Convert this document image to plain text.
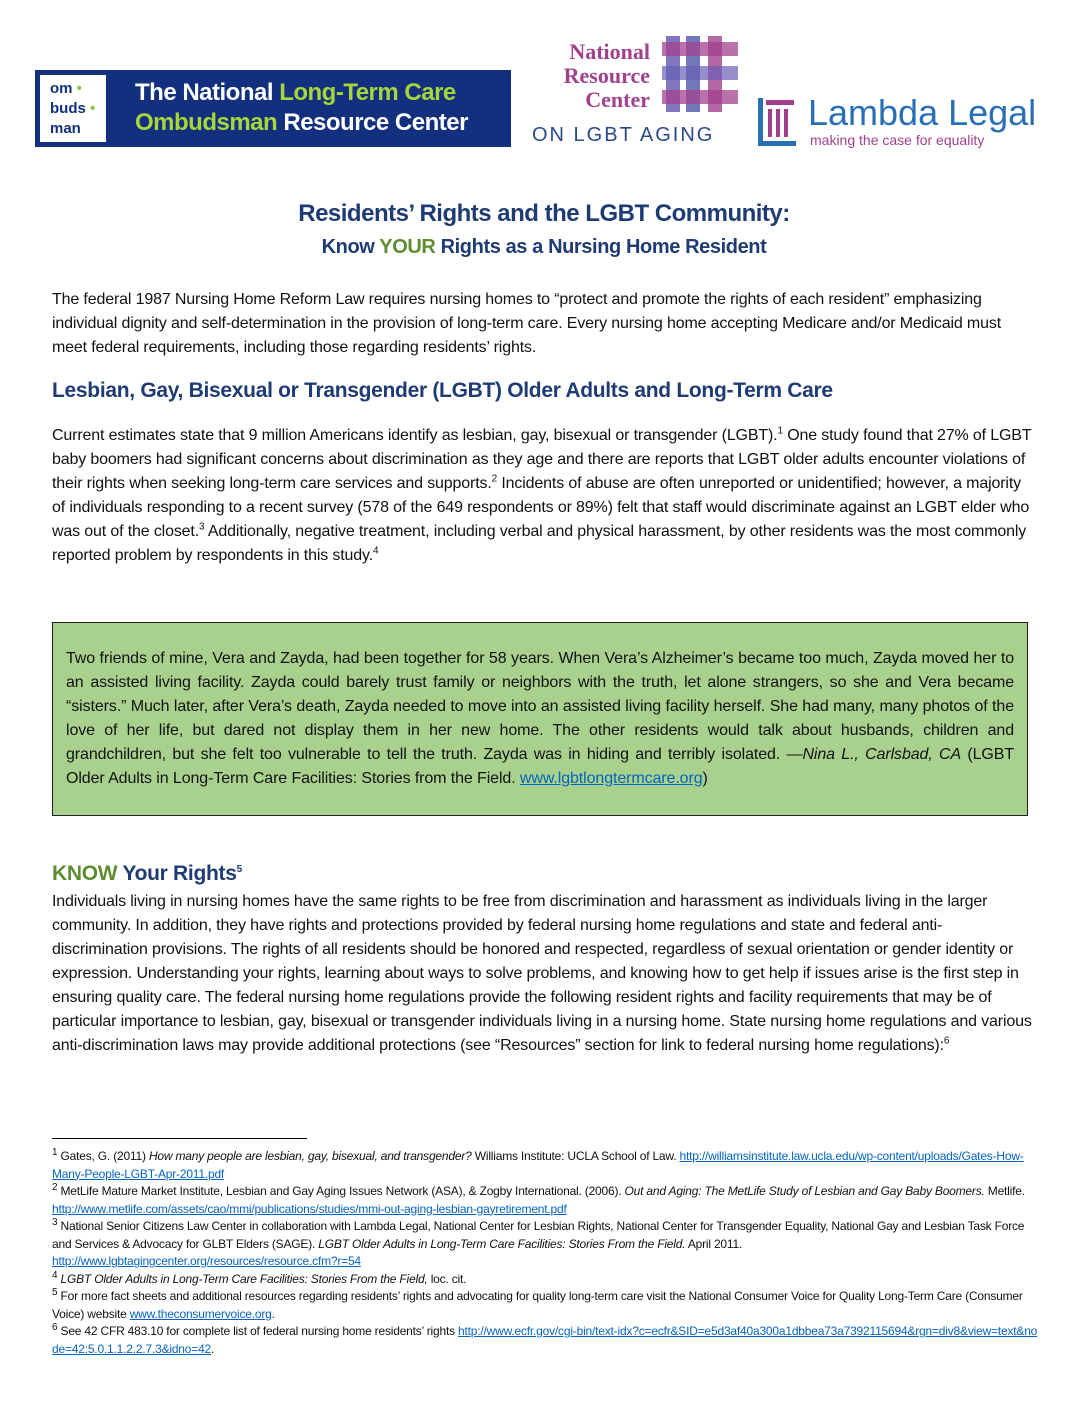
om •
buds •
man
The National Long-Term Care
Ombudsman Resource Center
National
Resource
Center
ON LGBT AGING
Lambda Legal
making the case for equality
Residents’ Rights and the LGBT Community:
Know YOUR Rights as a Nursing Home Resident

The federal 1987 Nursing Home Reform Law requires nursing homes to “protect and promote the rights of each resident” emphasizing individual dignity and self-determination in the provision of long-term care. Every nursing home accepting Medicare and/or Medicaid must meet federal requirements, including those regarding residents’ rights.

Lesbian, Gay, Bisexual or Transgender (LGBT) Older Adults and Long-Term Care

Current estimates state that 9 million Americans identify as lesbian, gay, bisexual or transgender (LGBT).$^1$ One study found that 27% of LGBT baby boomers had significant concerns about discrimination as they age and there are reports that LGBT older adults encounter violations of their rights when seeking long-term care services and supports.$^2$ Incidents of abuse are often unreported or unidentified; however, a majority of individuals responding to a recent survey (578 of the 649 respondents or 89%) felt that staff would discriminate against an LGBT elder who was out of the closet.$^3$ Additionally, negative treatment, including verbal and physical harassment, by other residents was the most commonly reported problem by respondents in this study.$^4$

Two friends of mine, Vera and Zayda, had been together for 58 years. When Vera’s Alzheimer’s became too much, Zayda moved her to an assisted living facility. Zayda could barely trust family or neighbors with the truth, let alone strangers, so she and Vera became “sisters.” Much later, after Vera’s death, Zayda needed to move into an assisted living facility herself. She had many, many photos of the love of her life, but dared not display them in her new home. The other residents would talk about husbands, children and grandchildren, but she felt too vulnerable to tell the truth. Zayda was in hiding and terribly isolated. —Nina L., Carlsbad, CA (LGBT Older Adults in Long-Term Care Facilities: Stories from the Field. www.lgbtlongtermcare.org)
KNOW Your Rights$^5$

Individuals living in nursing homes have the same rights to be free from discrimination and harassment as individuals living in the larger community. In addition, they have rights and protections provided by federal nursing home regulations and state and federal anti-discrimination provisions. The rights of all residents should be honored and respected, regardless of sexual orientation or gender identity or expression. Understanding your rights, learning about ways to solve problems, and knowing how to get help if issues arise is the first step in ensuring quality care. The federal nursing home regulations provide the following resident rights and facility requirements that may be of particular importance to lesbian, gay, bisexual or transgender individuals living in a nursing home. State nursing home regulations and various anti-discrimination laws may provide additional protections (see “Resources” section for link to federal nursing home regulations):$^6$

$^1$ Gates, G. (2011) How many people are lesbian, gay, bisexual, and transgender? Williams Institute: UCLA School of Law. http://williamsinstitute.law.ucla.edu/wp-content/uploads/Gates-How-Many-People-LGBT-Apr-2011.pdf
$^2$ MetLife Mature Market Institute, Lesbian and Gay Aging Issues Network (ASA), & Zogby International. (2006). Out and Aging: The MetLife Study of Lesbian and Gay Baby Boomers. Metlife. http://www.metlife.com/assets/cao/mmi/publications/studies/mmi-out-aging-lesbian-gayretirement.pdf
$^3$ National Senior Citizens Law Center in collaboration with Lambda Legal, National Center for Lesbian Rights, National Center for Transgender Equality, National Gay and Lesbian Task Force and Services & Advocacy for GLBT Elders (SAGE). LGBT Older Adults in Long-Term Care Facilities: Stories From the Field. April 2011.
http://www.lgbtagingcenter.org/resources/resource.cfm?r=54
$^4$ LGBT Older Adults in Long-Term Care Facilities: Stories From the Field, loc. cit.
$^5$ For more fact sheets and additional resources regarding residents’ rights and advocating for quality long-term care visit the National Consumer Voice for Quality Long-Term Care (Consumer Voice) website www.theconsumervoice.org.
$^6$ See 42 CFR 483.10 for complete list of federal nursing home residents’ rights http://www.ecfr.gov/cgi-bin/text-idx?c=ecfr&SID=e5d3af40a300a1dbbea73a7392115694&rgn=div8&view=text&node=42:5.0.1.1.2.2.7.3&idno=42.
